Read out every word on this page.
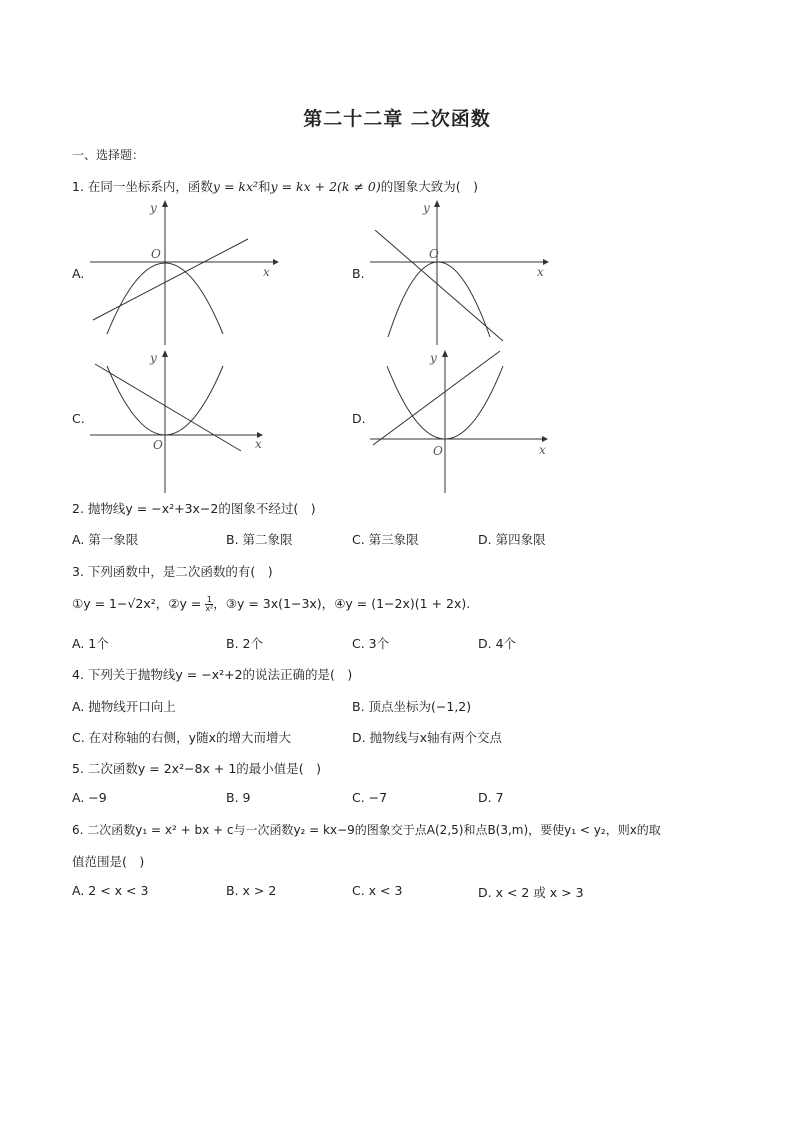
第二十二章 二次函数
一、选择题：
1. 在同一坐标系内，函数y = kx²和y = kx + 2(k ≠ 0)的图象大致为(　)
A.	x
y
O
B.	x
y
O
C.
x
y
O
D.
x
y
O
2. 抛物线y = −x²+3x−2的图象不经过(　)
A. 第一象限	B. 第二象限	C. 第三象限	D. 第四象限
3. 下列函数中，是二次函数的有(　)
①y = 1−√2x²，②y = $\frac{1}{\text{x²}}$ ，③y = 3x(1−3x)，④y = (1−2x)(1 + 2x).
A. 1个	B. 2个	C. 3个	D. 4个
4. 下列关于抛物线y = −x²+2的说法正确的是(　)
A. 抛物线开口向上	B. 顶点坐标为(−1,2)
C. 在对称轴的右侧，y随x的增大而增大	D. 抛物线与x轴有两个交点
5. 二次函数y = 2x²−8x + 1的最小值是(　)
A. −9	B. 9	C. −7	D. 7
6. 二次函数y₁ = x² + bx + c与一次函数y₂ = kx−9的图象交于点A(2,5)和点B(3,m)，要使y₁ < y₂，则x的取
值范围是(　)
A. 2 < x < 3	B. x > 2	C. x < 3	D. x < 2 或 x > 3
